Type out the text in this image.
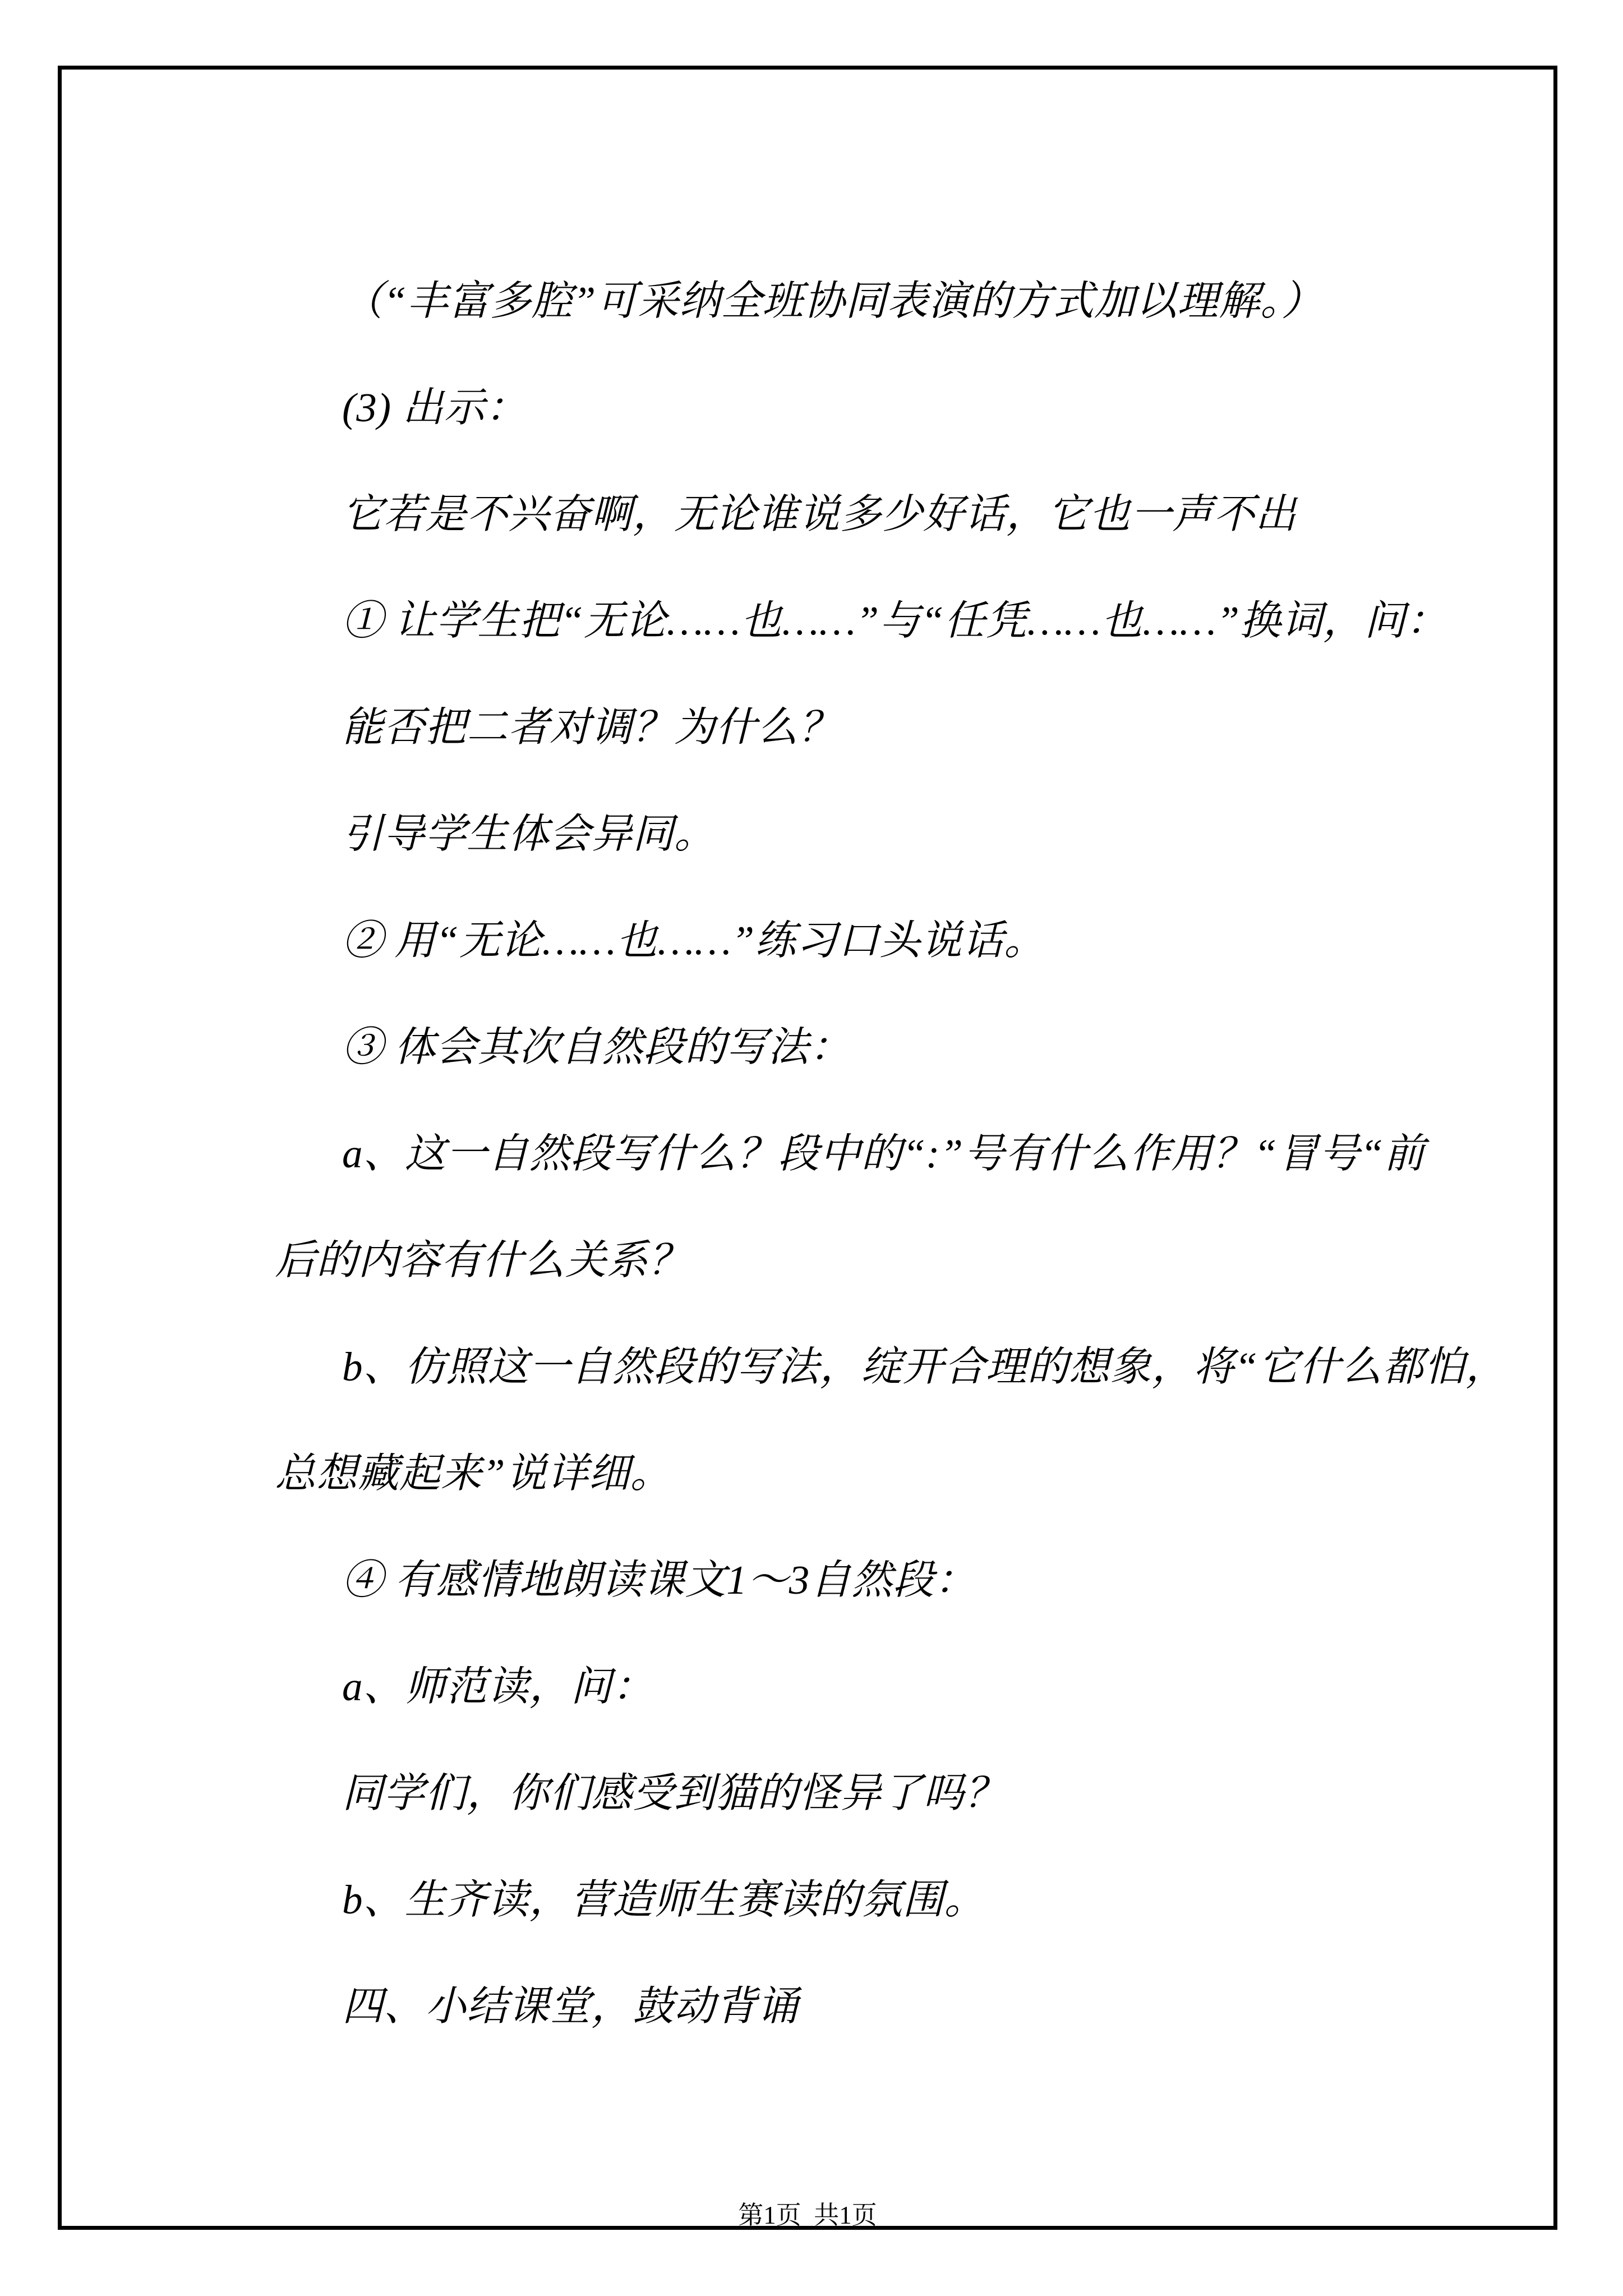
（“丰富多腔”可采纳全班协同表演的方式加以理解。）
(3) 出示：
它若是不兴奋啊，无论谁说多少好话，它也一声不出
① 让学生把“无论……也……”与“任凭……也……”换词，问：
能否把二者对调？为什么？
引导学生体会异同。
② 用“无论……也……”练习口头说话。
③ 体会其次自然段的写法：
a、这一自然段写什么？段中的“:”号有什么作用？“冒号“前
后的内容有什么关系？
b、仿照这一自然段的写法，绽开合理的想象，将“它什么都怕，
总想藏起来”说详细。
④ 有感情地朗读课文1～3自然段：
a、师范读，问：
同学们，你们感受到猫的怪异了吗？
b、生齐读，营造师生赛读的氛围。
四、小结课堂，鼓动背诵
第1页  共1页
